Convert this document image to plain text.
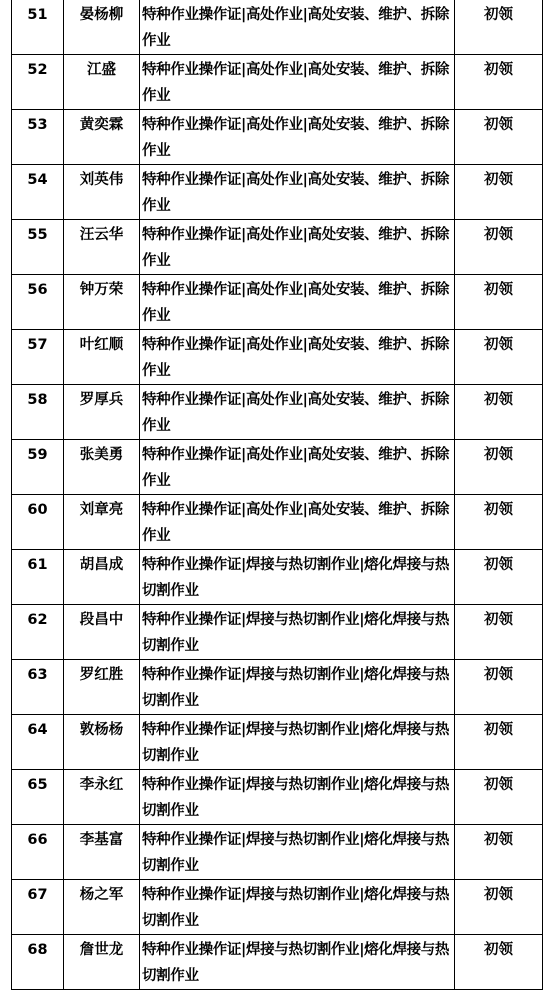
51	晏杨柳	特种作业操作证|高处作业|高处安装、维护、拆除作业	初领
52	江盛	特种作业操作证|高处作业|高处安装、维护、拆除作业	初领
53	黄奕霖	特种作业操作证|高处作业|高处安装、维护、拆除作业	初领
54	刘英伟	特种作业操作证|高处作业|高处安装、维护、拆除作业	初领
55	汪云华	特种作业操作证|高处作业|高处安装、维护、拆除作业	初领
56	钟万荣	特种作业操作证|高处作业|高处安装、维护、拆除作业	初领
57	叶红顺	特种作业操作证|高处作业|高处安装、维护、拆除作业	初领
58	罗厚兵	特种作业操作证|高处作业|高处安装、维护、拆除作业	初领
59	张美勇	特种作业操作证|高处作业|高处安装、维护、拆除作业	初领
60	刘章亮	特种作业操作证|高处作业|高处安装、维护、拆除作业	初领
61	胡昌成	特种作业操作证|焊接与热切割作业|熔化焊接与热切割作业	初领
62	段昌中	特种作业操作证|焊接与热切割作业|熔化焊接与热切割作业	初领
63	罗红胜	特种作业操作证|焊接与热切割作业|熔化焊接与热切割作业	初领
64	敦杨杨	特种作业操作证|焊接与热切割作业|熔化焊接与热切割作业	初领
65	李永红	特种作业操作证|焊接与热切割作业|熔化焊接与热切割作业	初领
66	李基富	特种作业操作证|焊接与热切割作业|熔化焊接与热切割作业	初领
67	杨之军	特种作业操作证|焊接与热切割作业|熔化焊接与热切割作业	初领
68	詹世龙	特种作业操作证|焊接与热切割作业|熔化焊接与热切割作业	初领
